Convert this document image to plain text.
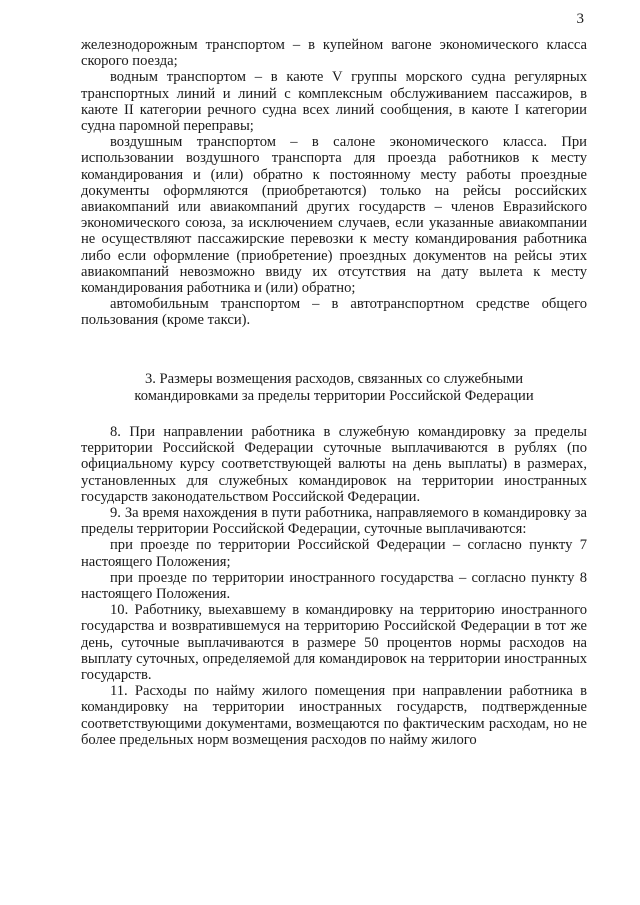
3

железнодорожным транспортом – в купейном вагоне экономического класса скорого поезда;

водным транспортом – в каюте V группы морского судна регулярных транспортных линий и линий с комплексным обслуживанием пассажиров, в каюте II категории речного судна всех линий сообщения, в каюте I категории судна паромной переправы;

воздушным транспортом – в салоне экономического класса. При использовании воздушного транспорта для проезда работников к месту командирования и (или) обратно к постоянному месту работы проездные документы оформляются (приобретаются) только на рейсы российских авиакомпаний или авиакомпаний других государств – членов Евразийского экономического союза, за исключением случаев, если указанные авиакомпании не осуществляют пассажирские перевозки к месту командирования работника либо если оформление (приобретение) проездных документов на рейсы этих авиакомпаний невозможно ввиду их отсутствия на дату вылета к месту командирования работника и (или) обратно;

автомобильным транспортом – в автотранспортном средстве общего пользования (кроме такси).

3. Размеры возмещения расходов, связанных со служебными
командировками за пределы территории Российской Федерации

8. При направлении работника в служебную командировку за пределы территории Российской Федерации суточные выплачиваются в рублях (по официальному курсу соответствующей валюты на день выплаты) в размерах, установленных для служебных командировок на территории иностранных государств законодательством Российской Федерации.

9. За время нахождения в пути работника, направляемого в командировку за пределы территории Российской Федерации, суточные выплачиваются:

при проезде по территории Российской Федерации – согласно пункту 7 настоящего Положения;

при проезде по территории иностранного государства – согласно пункту 8 настоящего Положения.

10. Работнику, выехавшему в командировку на территорию иностранного государства и возвратившемуся на территорию Российской Федерации в тот же день, суточные выплачиваются в размере 50 процентов нормы расходов на выплату суточных, определяемой для командировок на территории иностранных государств.

11. Расходы по найму жилого помещения при направлении работника в командировку на территории иностранных государств, подтвержденные соответствующими документами, возмещаются по фактическим расходам, но не более предельных норм возмещения расходов по найму жилого
